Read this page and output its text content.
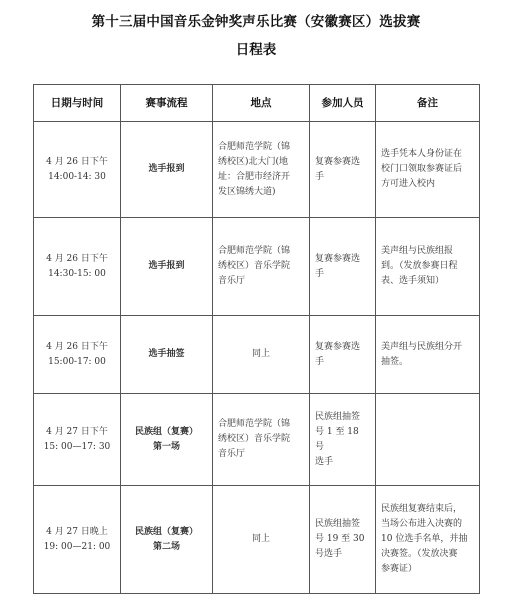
第十三届中国音乐金钟奖声乐比赛（安徽赛区）选拔赛
日程表
日期与时间	赛事流程	地点	参加人员	备注

4 月 26 日下午
14:00-14: 30	选手报到	合肥师范学院（锦
绣校区)北大门(地
址：合肥市经济开
发区锦绣大道)	复赛参赛选
手	选手凭本人身份证在
校门口领取参赛证后
方可进入校内

4 月 26 日下午
14:30-15: 00	选手报到	合肥师范学院（锦
绣校区）音乐学院
音乐厅	复赛参赛选
手	美声组与民族组报
到。（发放参赛日程
表、选手须知）

4 月 26 日下午
15:00-17: 00	选手抽签	同上	复赛参赛选
手	美声组与民族组分开
抽签。

4 月 27 日下午
15: 00—17: 30	民族组（复赛）
第一场	合肥师范学院（锦
绣校区）音乐学院
音乐厅	民族组抽签
号 1 至 18 号
选手	

4 月 27 日晚上
19: 00—21: 00	民族组（复赛）
第二场	同上	民族组抽签
号 19 至 30
号选手	民族组复赛结束后，
当场公布进入决赛的
10 位选手名单，并抽
决赛签。（发放决赛
参赛证）
